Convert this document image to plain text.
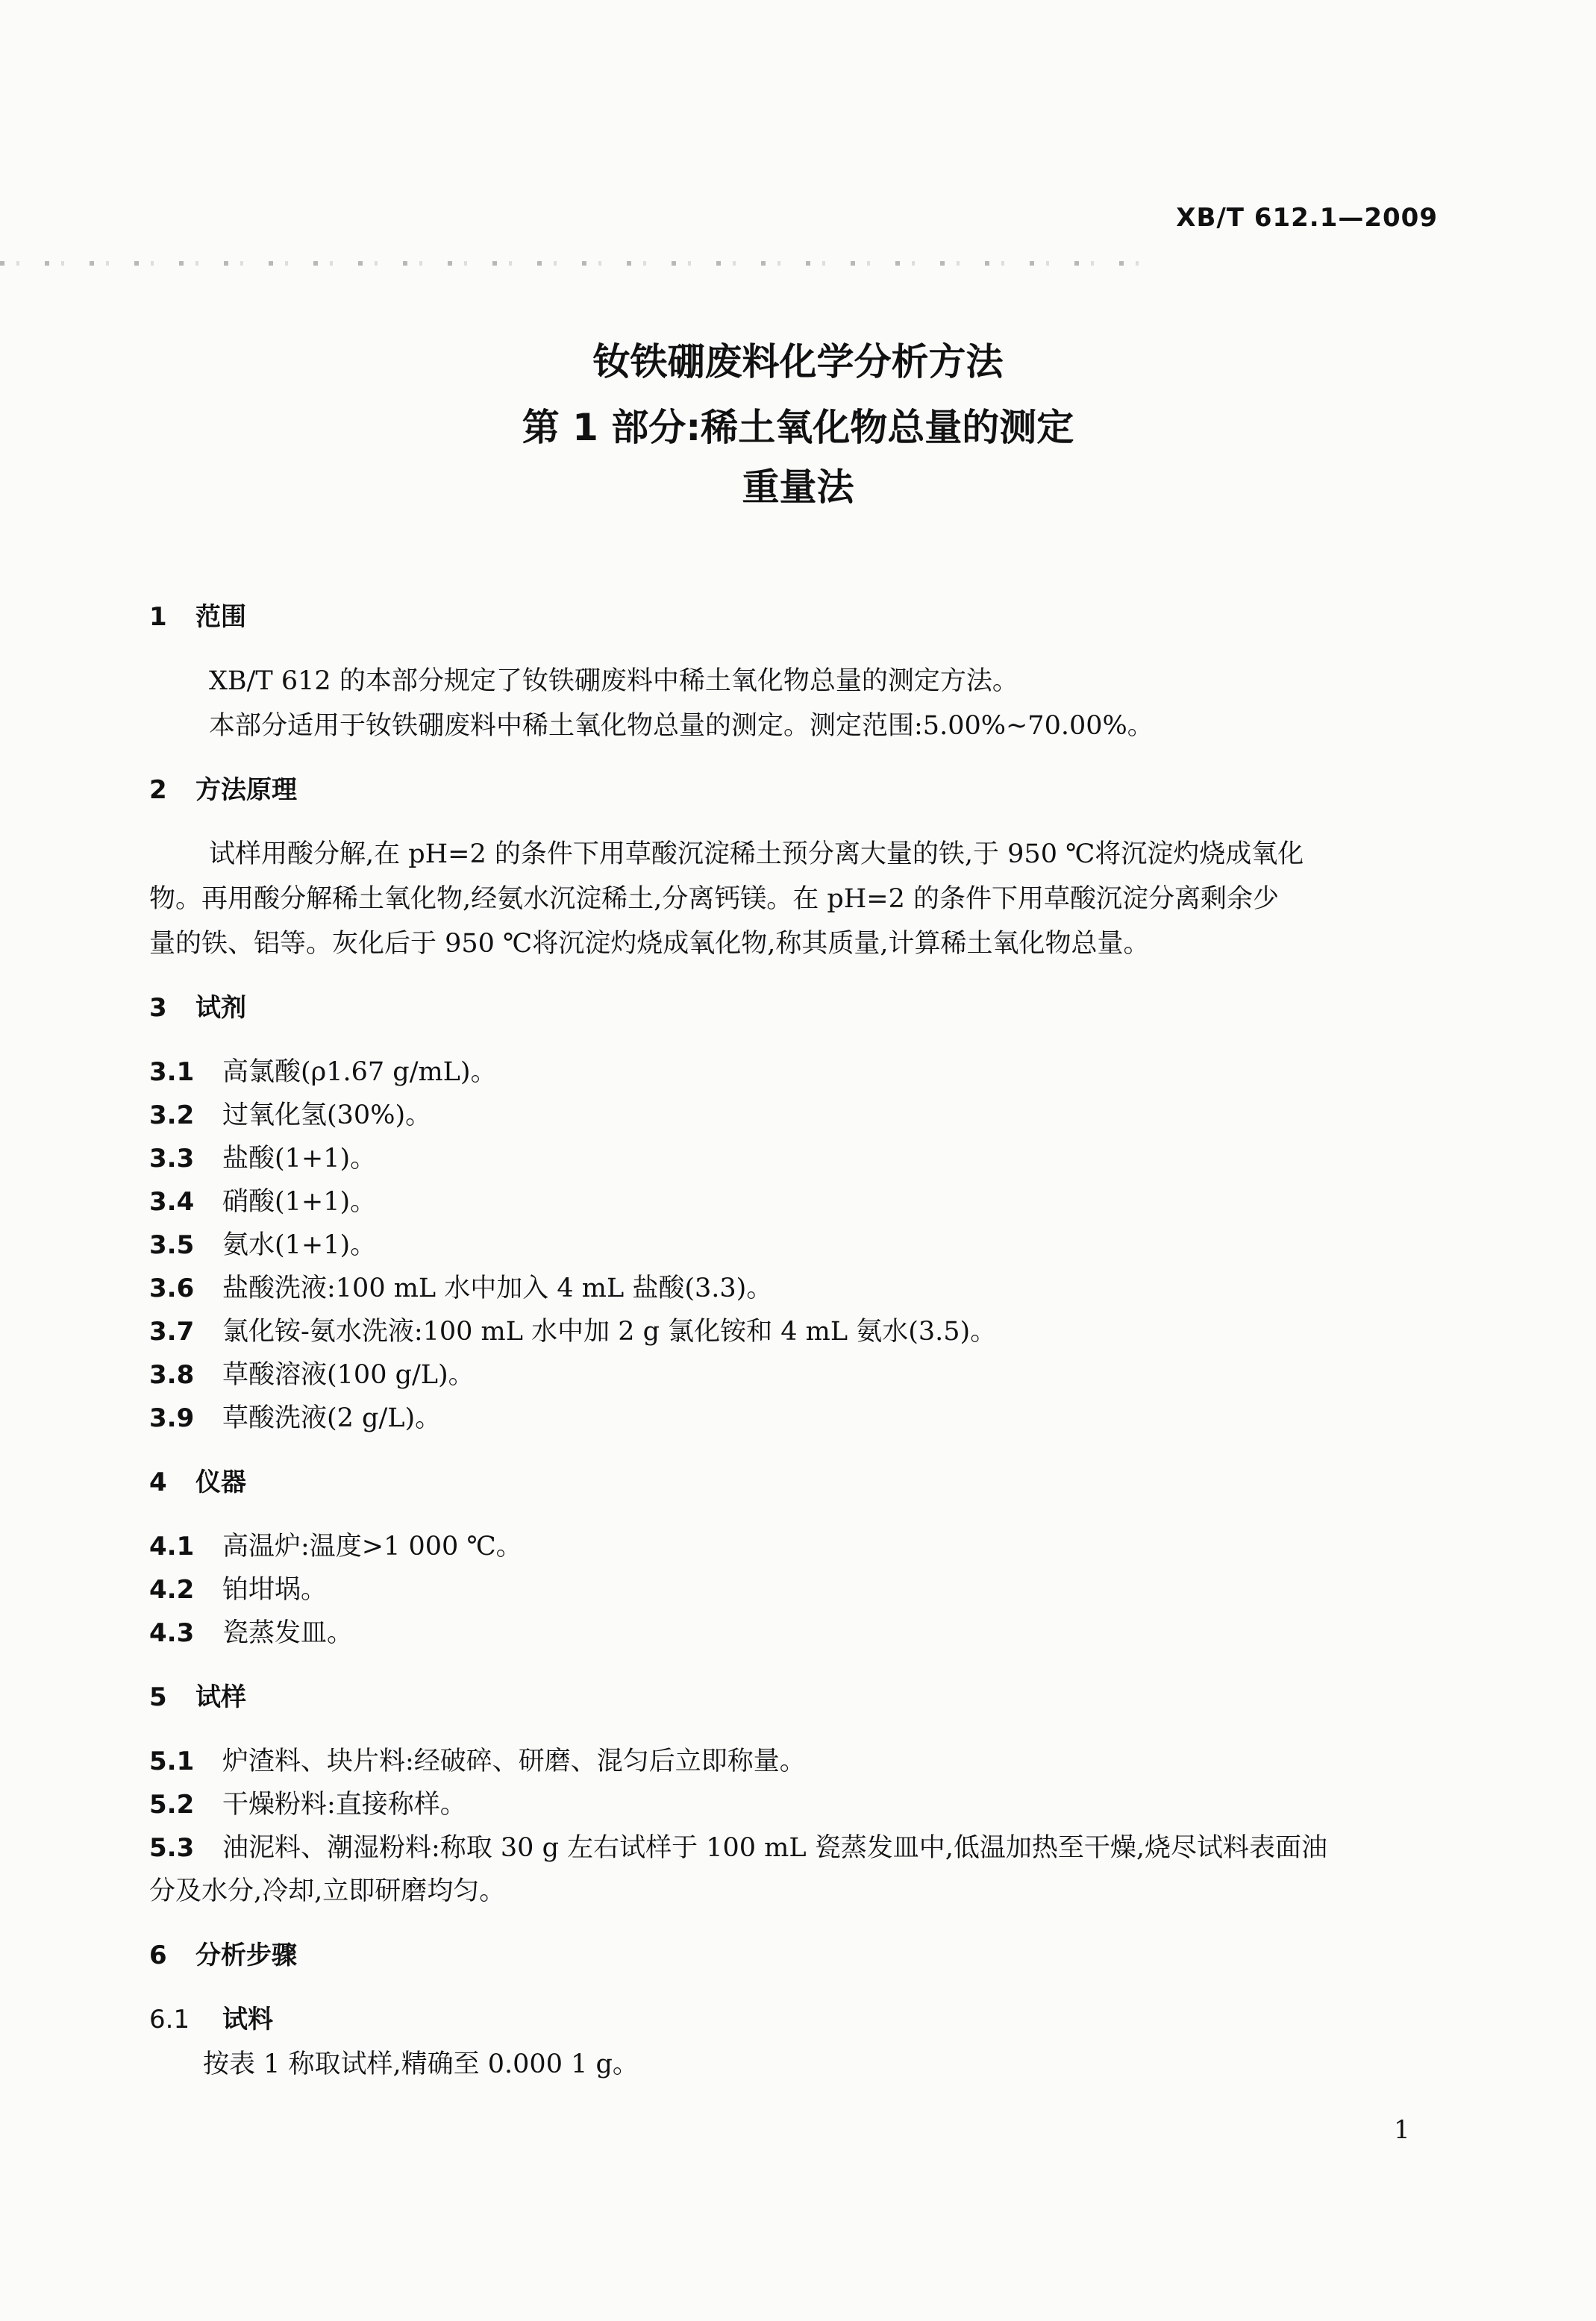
XB/T 612.1—2009
钕铁硼废料化学分析方法
第 1 部分:稀土氧化物总量的测定
重量法
1 范围
XB/T 612 的本部分规定了钕铁硼废料中稀土氧化物总量的测定方法。
本部分适用于钕铁硼废料中稀土氧化物总量的测定。测定范围:5.00%~70.00%。
2 方法原理
试样用酸分解,在 pH=2 的条件下用草酸沉淀稀土预分离大量的铁,于 950 ℃将沉淀灼烧成氧化
物。再用酸分解稀土氧化物,经氨水沉淀稀土,分离钙镁。在 pH=2 的条件下用草酸沉淀分离剩余少
量的铁、铝等。灰化后于 950 ℃将沉淀灼烧成氧化物,称其质量,计算稀土氧化物总量。
3 试剂
3.1 高氯酸(ρ1.67 g/mL)。
3.2 过氧化氢(30%)。
3.3 盐酸(1+1)。
3.4 硝酸(1+1)。
3.5 氨水(1+1)。
3.6 盐酸洗液:100 mL 水中加入 4 mL 盐酸(3.3)。
3.7 氯化铵-氨水洗液:100 mL 水中加 2 g 氯化铵和 4 mL 氨水(3.5)。
3.8 草酸溶液(100 g/L)。
3.9 草酸洗液(2 g/L)。
4 仪器
4.1 高温炉:温度>1 000 ℃。
4.2 铂坩埚。
4.3 瓷蒸发皿。
5 试样
5.1 炉渣料、块片料:经破碎、研磨、混匀后立即称量。
5.2 干燥粉料:直接称样。
5.3 油泥料、潮湿粉料:称取 30 g 左右试样于 100 mL 瓷蒸发皿中,低温加热至干燥,烧尽试料表面油
分及水分,冷却,立即研磨均匀。
6 分析步骤
6.1 试料
按表 1 称取试样,精确至 0.000 1 g。
1
